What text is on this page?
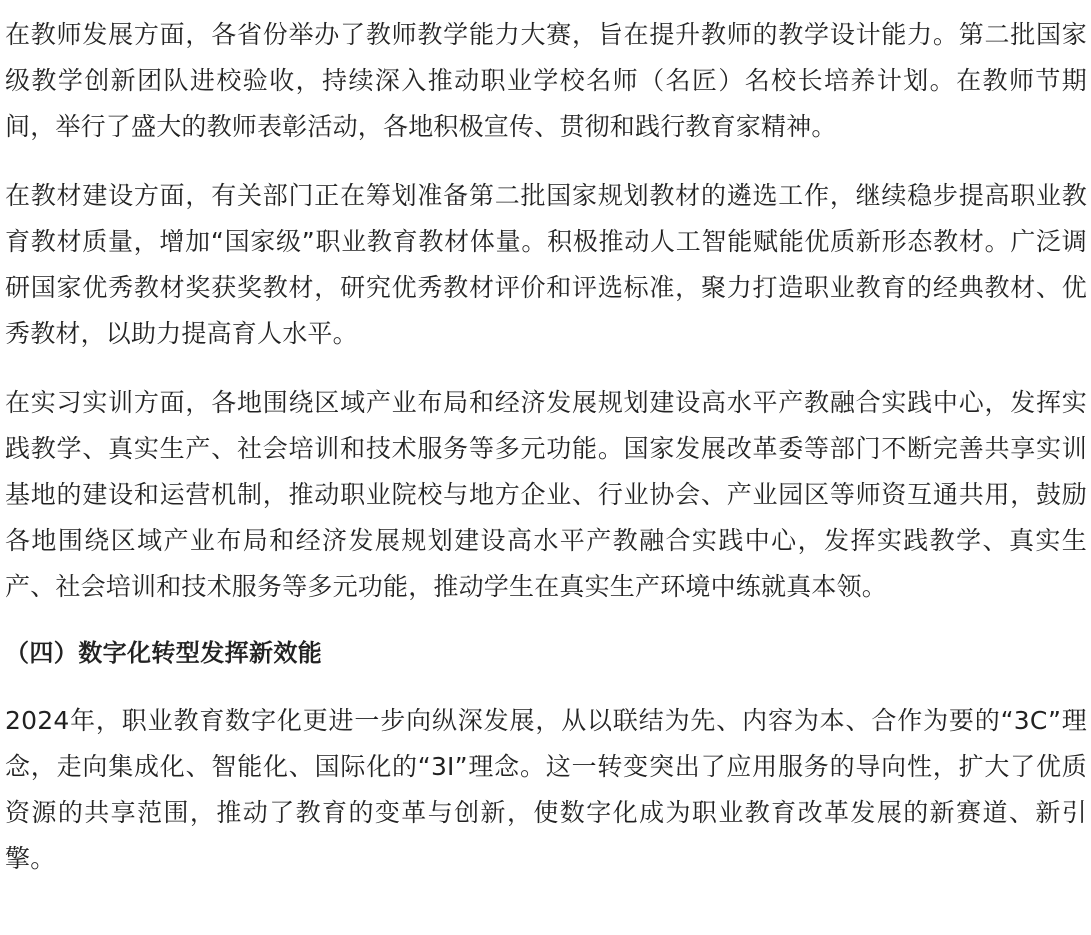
在教师发展方面，各省份举办了教师教学能力大赛，旨在提升教师的教学设计能力。第二批国家级教学创新团队进校验收，持续深入推动职业学校名师（名匠）名校长培养计划。在教师节期间，举行了盛大的教师表彰活动，各地积极宣传、贯彻和践行教育家精神。

在教材建设方面，有关部门正在筹划准备第二批国家规划教材的遴选工作，继续稳步提高职业教育教材质量，增加“国家级”职业教育教材体量。积极推动人工智能赋能优质新形态教材。广泛调研国家优秀教材奖获奖教材，研究优秀教材评价和评选标准，聚力打造职业教育的经典教材、优秀教材，以助力提高育人水平。

在实习实训方面，各地围绕区域产业布局和经济发展规划建设高水平产教融合实践中心，发挥实践教学、真实生产、社会培训和技术服务等多元功能。国家发展改革委等部门不断完善共享实训基地的建设和运营机制，推动职业院校与地方企业、行业协会、产业园区等师资互通共用，鼓励各地围绕区域产业布局和经济发展规划建设高水平产教融合实践中心，发挥实践教学、真实生产、社会培训和技术服务等多元功能，推动学生在真实生产环境中练就真本领。

（四）数字化转型发挥新效能

2024年，职业教育数字化更进一步向纵深发展，从以联结为先、内容为本、合作为要的“3C”理念，走向集成化、智能化、国际化的“3I”理念。这一转变突出了应用服务的导向性，扩大了优质资源的共享范围，推动了教育的变革与创新，使数字化成为职业教育改革发展的新赛道、新引擎。
